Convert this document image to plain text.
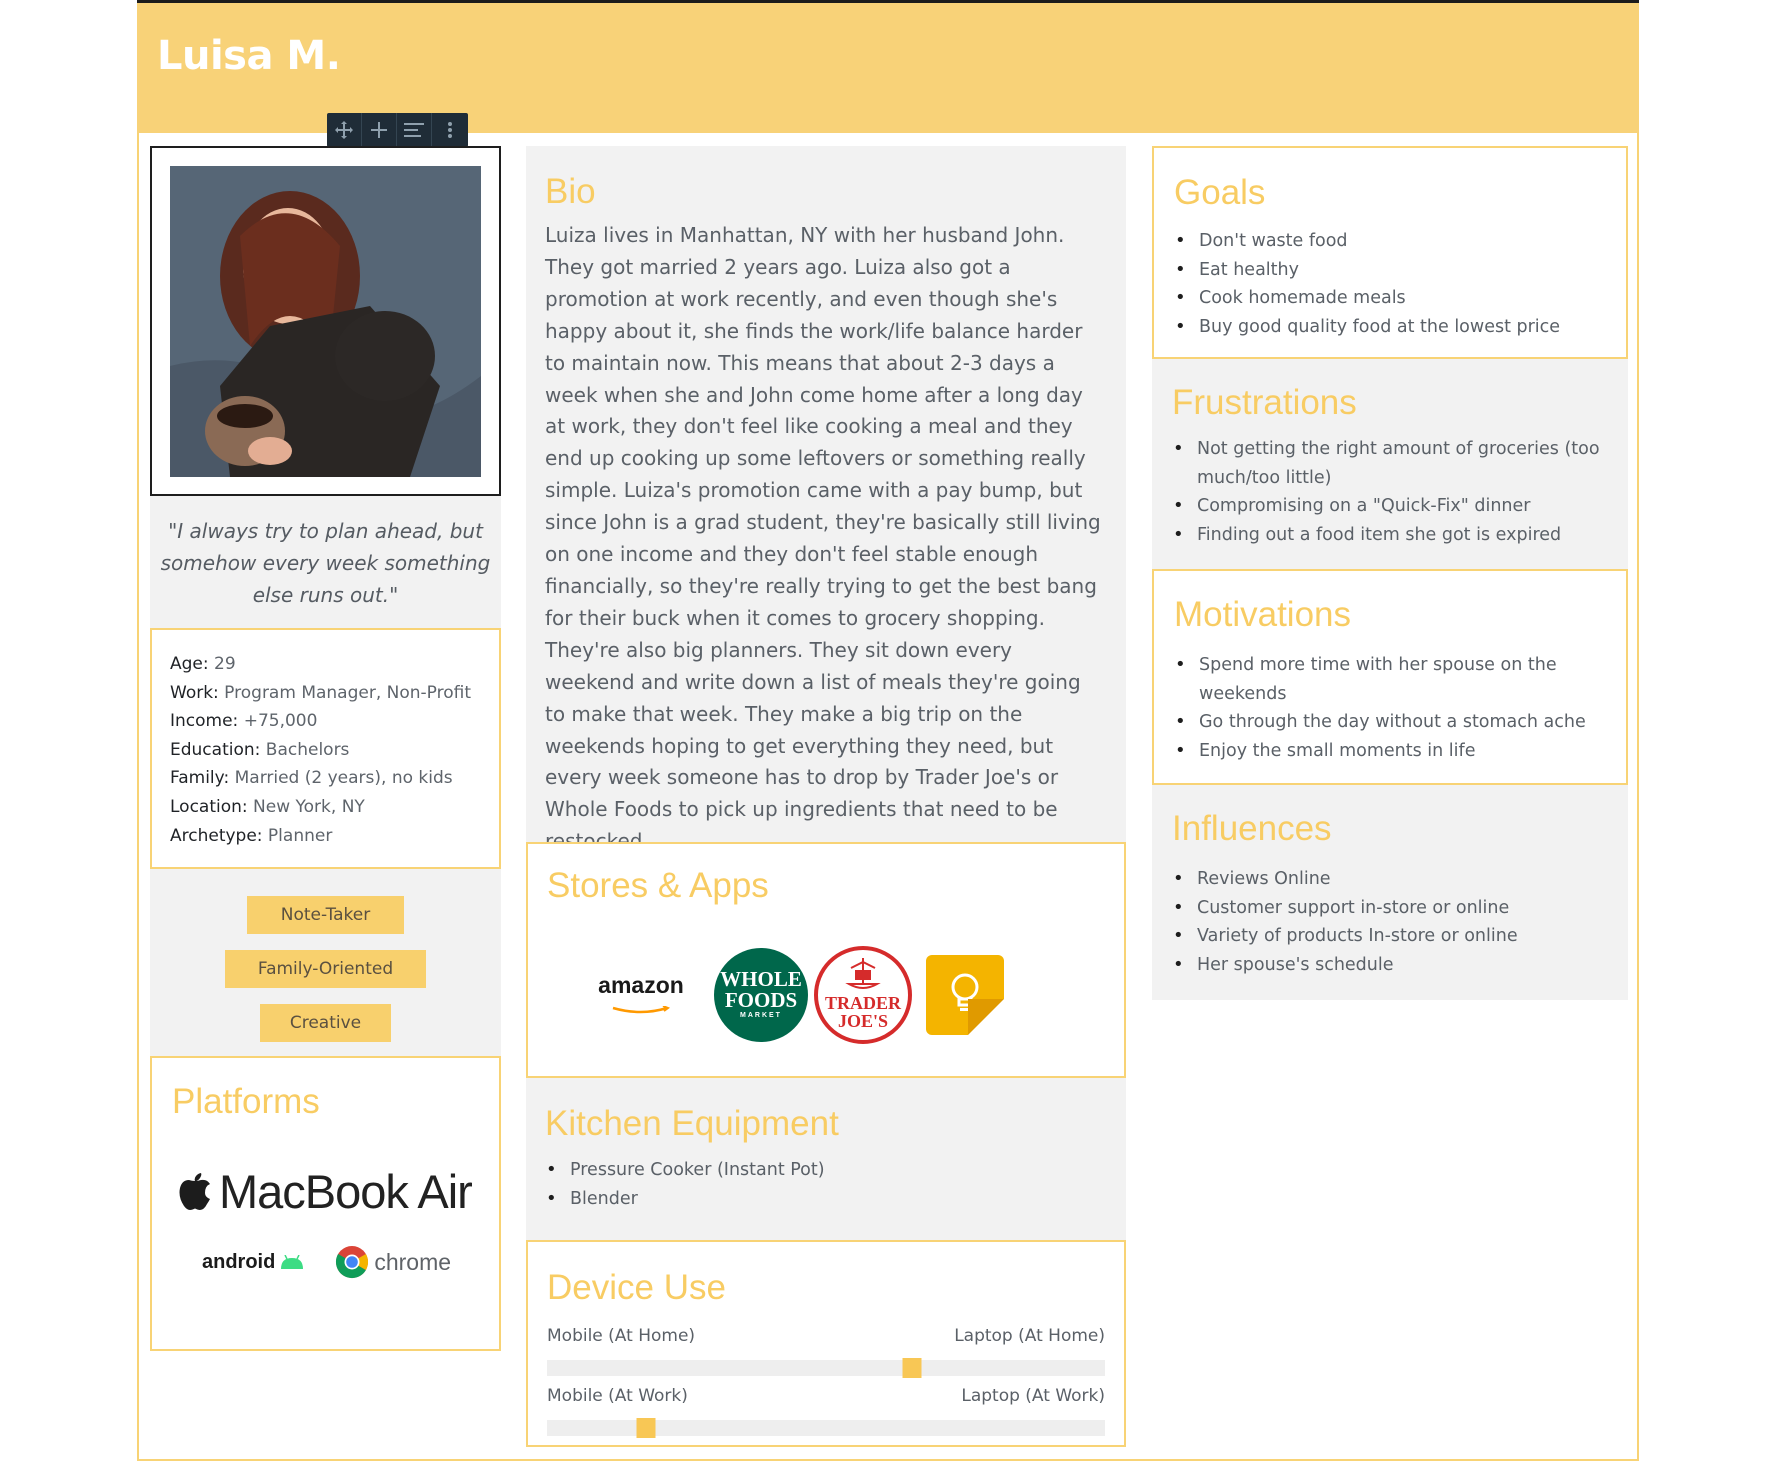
Luisa M.
"I always try to plan ahead, but somehow every week something else runs out."
Age: 29
Work: Program Manager, Non-Profit
Income: +75,000
Education: Bachelors
Family: Married (2 years), no kids
Location: New York, NY
Archetype: Planner
Note-Taker
Family-Oriented
Creative
Platforms
MacBook Air
android	chrome
Bio

Luiza lives in Manhattan, NY with her husband John. They got married 2 years ago. Luiza also got a promotion at work recently, and even though she's happy about it, she finds the work/life balance harder to maintain now. This means that about 2-3 days a week when she and John come home after a long day at work, they don't feel like cooking a meal and they end up cooking up some leftovers or something really simple. Luiza's promotion came with a pay bump, but since John is a grad student, they're basically still living on one income and they don't feel stable enough financially, so they're really trying to get the best bang for their buck when it comes to grocery shopping. They're also big planners. They sit down every weekend and write down a list of meals they're going to make that week. They make a big trip on the weekends hoping to get everything they need, but every week someone has to drop by Trader Joe's or Whole Foods to pick up ingredients that need to be

Stores & Apps
amazon	WHOLE
FOODS
MARKET
TRADER
JOE'S
Kitchen Equipment
• Pressure Cooker (Instant Pot)
• Blender
Device Use
Mobile (At Home)	Laptop (At Home)
Mobile (At Work)	Laptop (At Work)
Goals
• Don't waste food
• Eat healthy
• Cook homemade meals
• Buy good quality food at the lowest price
Frustrations
• Not getting the right amount of groceries (too much/too little)
• Compromising on a "Quick-Fix" dinner
• Finding out a food item she got is expired
Motivations
• Spend more time with her spouse on the weekends
• Go through the day without a stomach ache
• Enjoy the small moments in life
Influences
• Reviews Online
• Customer support in-store or online
• Variety of products In-store or online
• Her spouse's schedule
